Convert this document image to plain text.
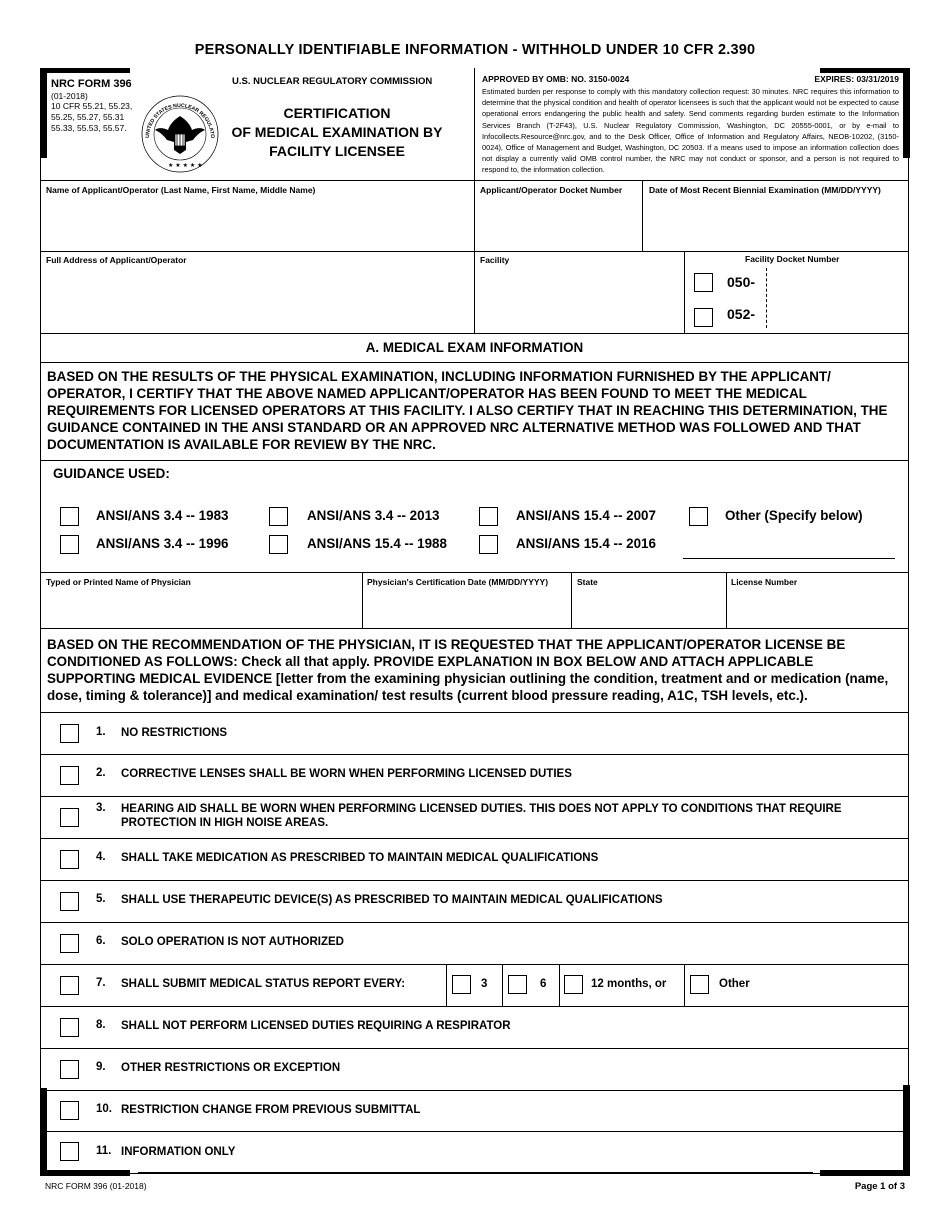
PERSONALLY IDENTIFIABLE INFORMATION - WITHHOLD UNDER 10 CFR 2.390
NRC FORM 396
(01-2018)
10 CFR 55.21, 55.23,
55.25, 55.27, 55.31
55.33, 55.53, 55.57.
★ ★ ★ ★ ★
UNITED STATES NUCLEAR REGULATO
U.S. NUCLEAR REGULATORY COMMISSION
CERTIFICATION
OF MEDICAL EXAMINATION BY
FACILITY LICENSEE
APPROVED BY OMB: NO. 3150-0024	EXPIRES: 03/31/2019
Estimated burden per response to comply with this mandatory collection request: 30 minutes. NRC requires this information to determine that the physical condition and health of operator licensees is such that the applicant would not be expected to cause operational errors endangering the public health and safety. Send comments regarding burden estimate to the Information Services Branch (T-2F43), U.S. Nuclear Regulatory Commission, Washington, DC 20555-0001, or by e-mail to Infocollects.Resource@nrc.gov, and to the Desk Officer, Office of Information and Regulatory Affairs, NEOB-10202, (3150-0024), Office of Management and Budget, Washington, DC 20503. If a means used to impose an information collection does not display a currently valid OMB control number, the NRC may not conduct or sponsor, and a person is not required to respond to, the information collection.
Name of Applicant/Operator (Last Name, First Name, Middle Name)	Applicant/Operator Docket Number	Date of Most Recent Biennial Examination (MM/DD/YYYY)
Full Address of Applicant/Operator	Facility	Facility Docket Number
050-
052-
A. MEDICAL EXAM INFORMATION
BASED ON THE RESULTS OF THE PHYSICAL EXAMINATION, INCLUDING INFORMATION FURNISHED BY THE APPLICANT/ OPERATOR, I CERTIFY THAT THE ABOVE NAMED APPLICANT/OPERATOR HAS BEEN FOUND TO MEET THE MEDICAL REQUIREMENTS FOR LICENSED OPERATORS AT THIS FACILITY. I ALSO CERTIFY THAT IN REACHING THIS DETERMINATION, THE GUIDANCE CONTAINED IN THE ANSI STANDARD OR AN APPROVED NRC ALTERNATIVE METHOD WAS FOLLOWED AND THAT DOCUMENTATION IS AVAILABLE FOR REVIEW BY THE NRC.
GUIDANCE USED:
ANSI/ANS 3.4 -- 1983	ANSI/ANS 3.4 -- 2013	ANSI/ANS 15.4 -- 2007	Other (Specify below)
ANSI/ANS 3.4 -- 1996	ANSI/ANS 15.4 -- 1988	ANSI/ANS 15.4 -- 2016
Typed or Printed Name of Physician	Physician's Certification Date (MM/DD/YYYY)	State	License Number
BASED ON THE RECOMMENDATION OF THE PHYSICIAN, IT IS REQUESTED THAT THE APPLICANT/OPERATOR LICENSE BE CONDITIONED AS FOLLOWS: Check all that apply. PROVIDE EXPLANATION IN BOX BELOW AND ATTACH APPLICABLE SUPPORTING MEDICAL EVIDENCE [letter from the examining physician outlining the condition, treatment and or medication (name, dose, timing & tolerance)] and medical examination/ test results (current blood pressure reading, A1C, TSH levels, etc.).
1. NO RESTRICTIONS
2. CORRECTIVE LENSES SHALL BE WORN WHEN PERFORMING LICENSED DUTIES
3. HEARING AID SHALL BE WORN WHEN PERFORMING LICENSED DUTIES. THIS DOES NOT APPLY TO CONDITIONS THAT REQUIRE PROTECTION IN HIGH NOISE AREAS.
4. SHALL TAKE MEDICATION AS PRESCRIBED TO MAINTAIN MEDICAL QUALIFICATIONS
5. SHALL USE THERAPEUTIC DEVICE(S) AS PRESCRIBED TO MAINTAIN MEDICAL QUALIFICATIONS
6. SOLO OPERATION IS NOT AUTHORIZED
7. SHALL SUBMIT MEDICAL STATUS REPORT EVERY:	3	6	12 months, or	Other
8. SHALL NOT PERFORM LICENSED DUTIES REQUIRING A RESPIRATOR
9. OTHER RESTRICTIONS OR EXCEPTION
10. RESTRICTION CHANGE FROM PREVIOUS SUBMITTAL
11. INFORMATION ONLY
NRC FORM 396 (01-2018)	Page 1 of 3
